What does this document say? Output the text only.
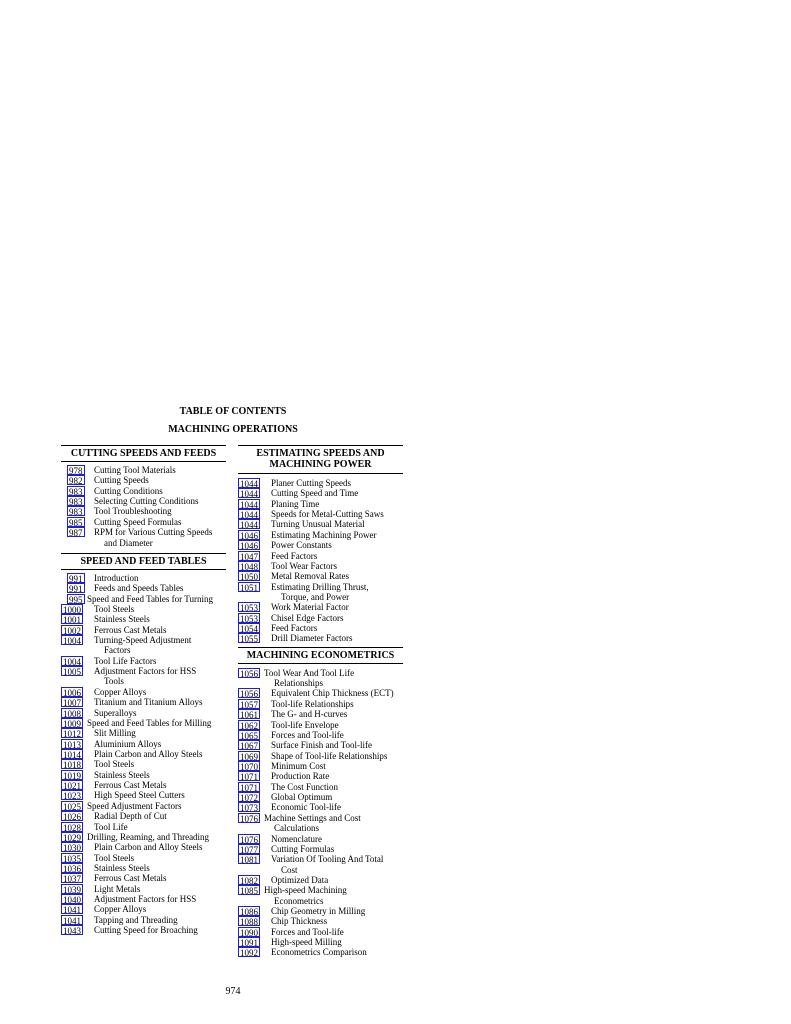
TABLE OF CONTENTS
MACHINING OPERATIONS
CUTTING SPEEDS AND FEEDS
978 Cutting Tool Materials
982 Cutting Speeds
983 Cutting Conditions
983 Selecting Cutting Conditions
983 Tool Troubleshooting
985 Cutting Speed Formulas
987 RPM for Various Cutting Speeds
and Diameter
SPEED AND FEED TABLES
991 Introduction
991 Feeds and Speeds Tables
995 Speed and Feed Tables for Turning
1000 Tool Steels
1001 Stainless Steels
1002 Ferrous Cast Metals
1004 Turning-Speed Adjustment
Factors
1004 Tool Life Factors
1005 Adjustment Factors for HSS
Tools
1006 Copper Alloys
1007 Titanium and Titanium Alloys
1008 Superalloys
1009 Speed and Feed Tables for Milling
1012 Slit Milling
1013 Aluminium Alloys
1014 Plain Carbon and Alloy Steels
1018 Tool Steels
1019 Stainless Steels
1021 Ferrous Cast Metals
1023 High Speed Steel Cutters
1025 Speed Adjustment Factors
1026 Radial Depth of Cut
1028 Tool Life
1029 Drilling, Reaming, and Threading
1030 Plain Carbon and Alloy Steels
1035 Tool Steels
1036 Stainless Steels
1037 Ferrous Cast Metals
1039 Light Metals
1040 Adjustment Factors for HSS
1041 Copper Alloys
1041 Tapping and Threading
1043 Cutting Speed for Broaching
ESTIMATING SPEEDS AND MACHINING POWER
1044 Planer Cutting Speeds
1044 Cutting Speed and Time
1044 Planing Time
1044 Speeds for Metal-Cutting Saws
1044 Turning Unusual Material
1046 Estimating Machining Power
1046 Power Constants
1047 Feed Factors
1048 Tool Wear Factors
1050 Metal Removal Rates
1051 Estimating Drilling Thrust,
Torque, and Power
1053 Work Material Factor
1053 Chisel Edge Factors
1054 Feed Factors
1055 Drill Diameter Factors
MACHINING ECONOMETRICS
1056 Tool Wear And Tool Life
Relationships
1056 Equivalent Chip Thickness (ECT)
1057 Tool-life Relationships
1061 The G- and H-curves
1062 Tool-life Envelope
1065 Forces and Tool-life
1067 Surface Finish and Tool-life
1069 Shape of Tool-life Relationships
1070 Minimum Cost
1071 Production Rate
1071 The Cost Function
1072 Global Optimum
1073 Economic Tool-life
1076 Machine Settings and Cost
Calculations
1076 Nomenclature
1077 Cutting Formulas
1081 Variation Of Tooling And Total
Cost
1082 Optimized Data
1085 High-speed Machining
Econometrics
1086 Chip Geometry in Milling
1088 Chip Thickness
1090 Forces and Tool-life
1091 High-speed Milling
1092 Econometrics Comparison
974
